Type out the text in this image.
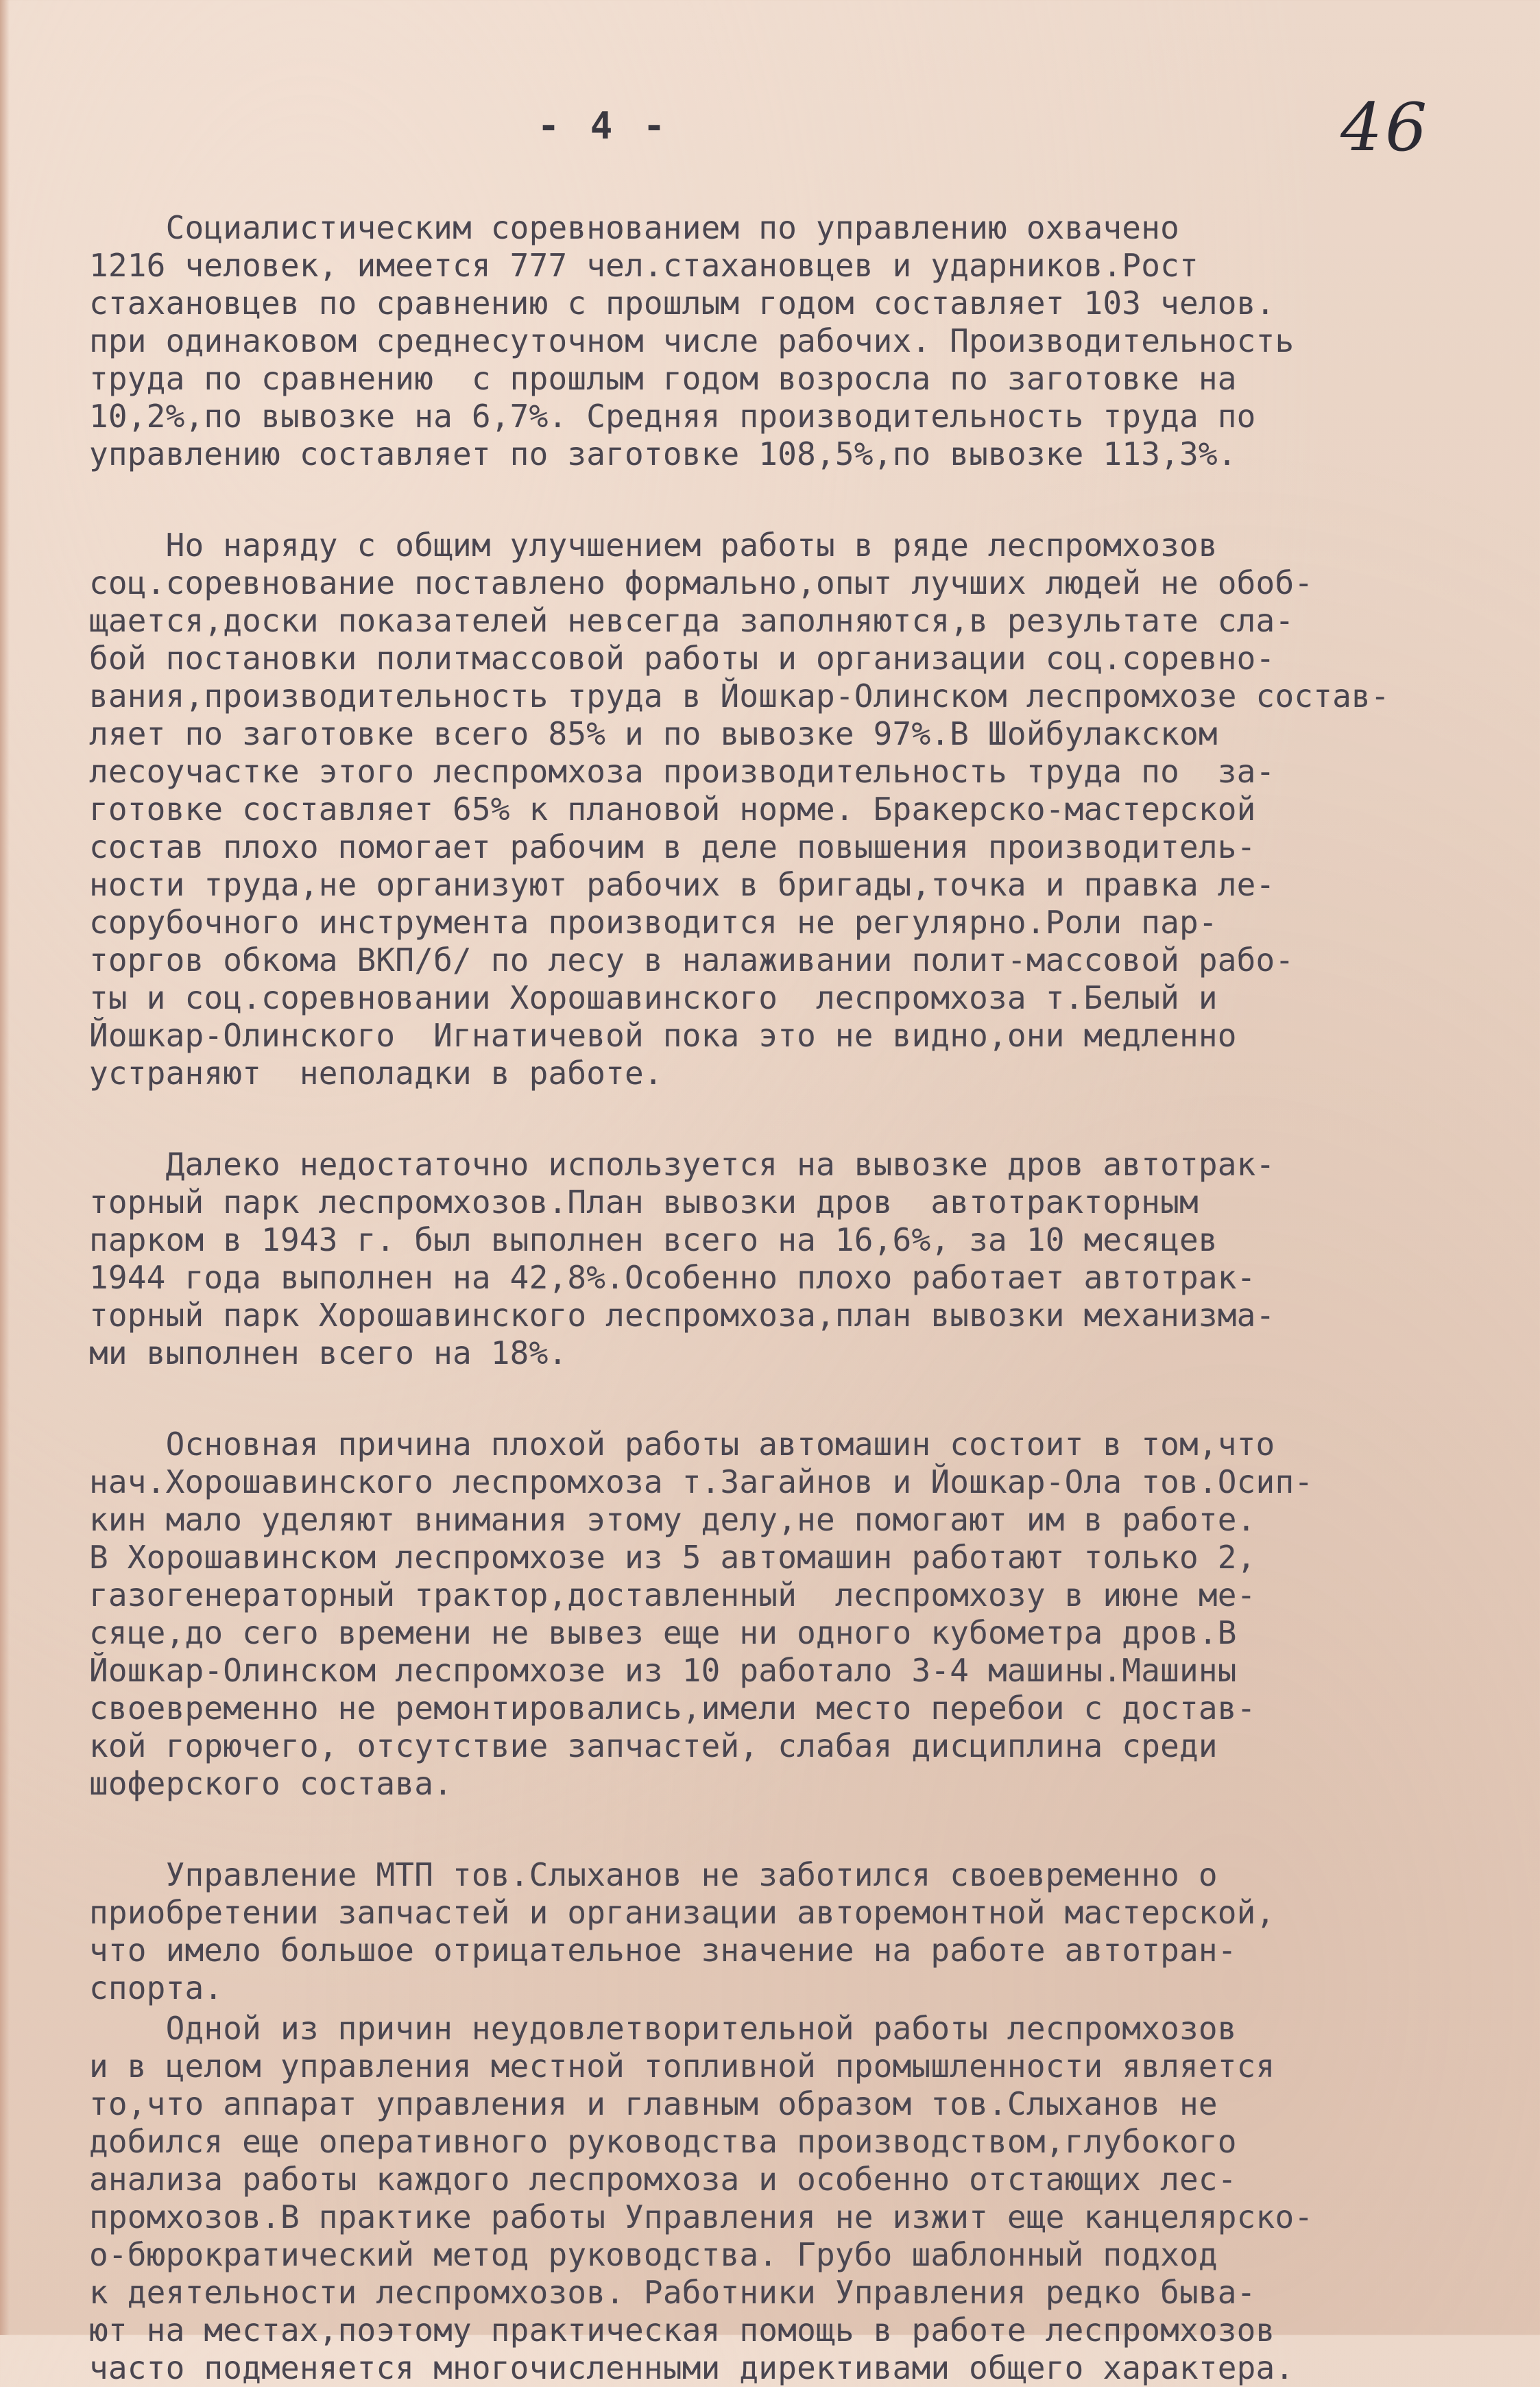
- 4 -	46

Социалистическим соревнованием по управлению охвачено
1216 человек, имеется 777 чел.стахановцев и ударников.Рост
стахановцев по сравнению с прошлым годом составляет 103 челов.
при одинаковом среднесуточном числе рабочих. Производительность
труда по сравнению  с прошлым годом возросла по заготовке на
10,2%,по вывозке на 6,7%. Средняя производительность труда по
управлению составляет по заготовке 108,5%,по вывозке 113,3%.

Но наряду с общим улучшением работы в ряде леспромхозов
соц.соревнование поставлено формально,опыт лучших людей не обоб-
щается,доски показателей невсегда заполняются,в результате сла-
бой постановки политмассовой работы и организации соц.соревно-
вания,производительность труда в Йошкар-Олинском леспромхозе состав-
ляет по заготовке всего 85% и по вывозке 97%.В Шойбулакском
лесоучастке этого леспромхоза производительность труда по  за-
готовке составляет 65% к плановой норме. Бракерско-мастерской
состав плохо помогает рабочим в деле повышения производитель-
ности труда,не организуют рабочих в бригады,точка и правка ле-
сорубочного инструмента производится не регулярно.Роли пар-
торгов обкома ВКП/б/ по лесу в налаживании полит-массовой рабо-
ты и соц.соревновании Хорошавинского  леспромхоза т.Белый и
Йошкар-Олинского  Игнатичевой пока это не видно,они медленно
устраняют  неполадки в работе.

Далеко недостаточно используется на вывозке дров автотрак-
торный парк леспромхозов.План вывозки дров  автотракторным
парком в 1943 г. был выполнен всего на 16,6%, за 10 месяцев
1944 года выполнен на 42,8%.Особенно плохо работает автотрак-
торный парк Хорошавинского леспромхоза,план вывозки механизма-
ми выполнен всего на 18%.

Основная причина плохой работы автомашин состоит в том,что
нач.Хорошавинского леспромхоза т.Загайнов и Йошкар-Ола тов.Осип-
кин мало уделяют внимания этому делу,не помогают им в работе.
В Хорошавинском леспромхозе из 5 автомашин работают только 2,
газогенераторный трактор,доставленный  леспромхозу в июне ме-
сяце,до сего времени не вывез еще ни одного кубометра дров.В
Йошкар-Олинском леспромхозе из 10 работало 3-4 машины.Машины
своевременно не ремонтировались,имели место перебои с достав-
кой горючего, отсутствие запчастей, слабая дисциплина среди
шоферского состава.

Управление МТП тов.Слыханов не заботился своевременно о
приобретении запчастей и организации авторемонтной мастерской,
что имело большое отрицательное значение на работе автотран-
спорта.

Одной из причин неудовлетворительной работы леспромхозов
и в целом управления местной топливной промышленности является
то,что аппарат управления и главным образом тов.Слыханов не
добился еще оперативного руководства производством,глубокого
анализа работы каждого леспромхоза и особенно отстающих лес-
промхозов.В практике работы Управления не изжит еще канцелярско-
о-бюрократический метод руководства. Грубо шаблонный подход
к деятельности леспромхозов. Работники Управления редко быва-
ют на местах,поэтому практическая помощь в работе леспромхозов
часто подменяется многочисленными директивами общего характера.
